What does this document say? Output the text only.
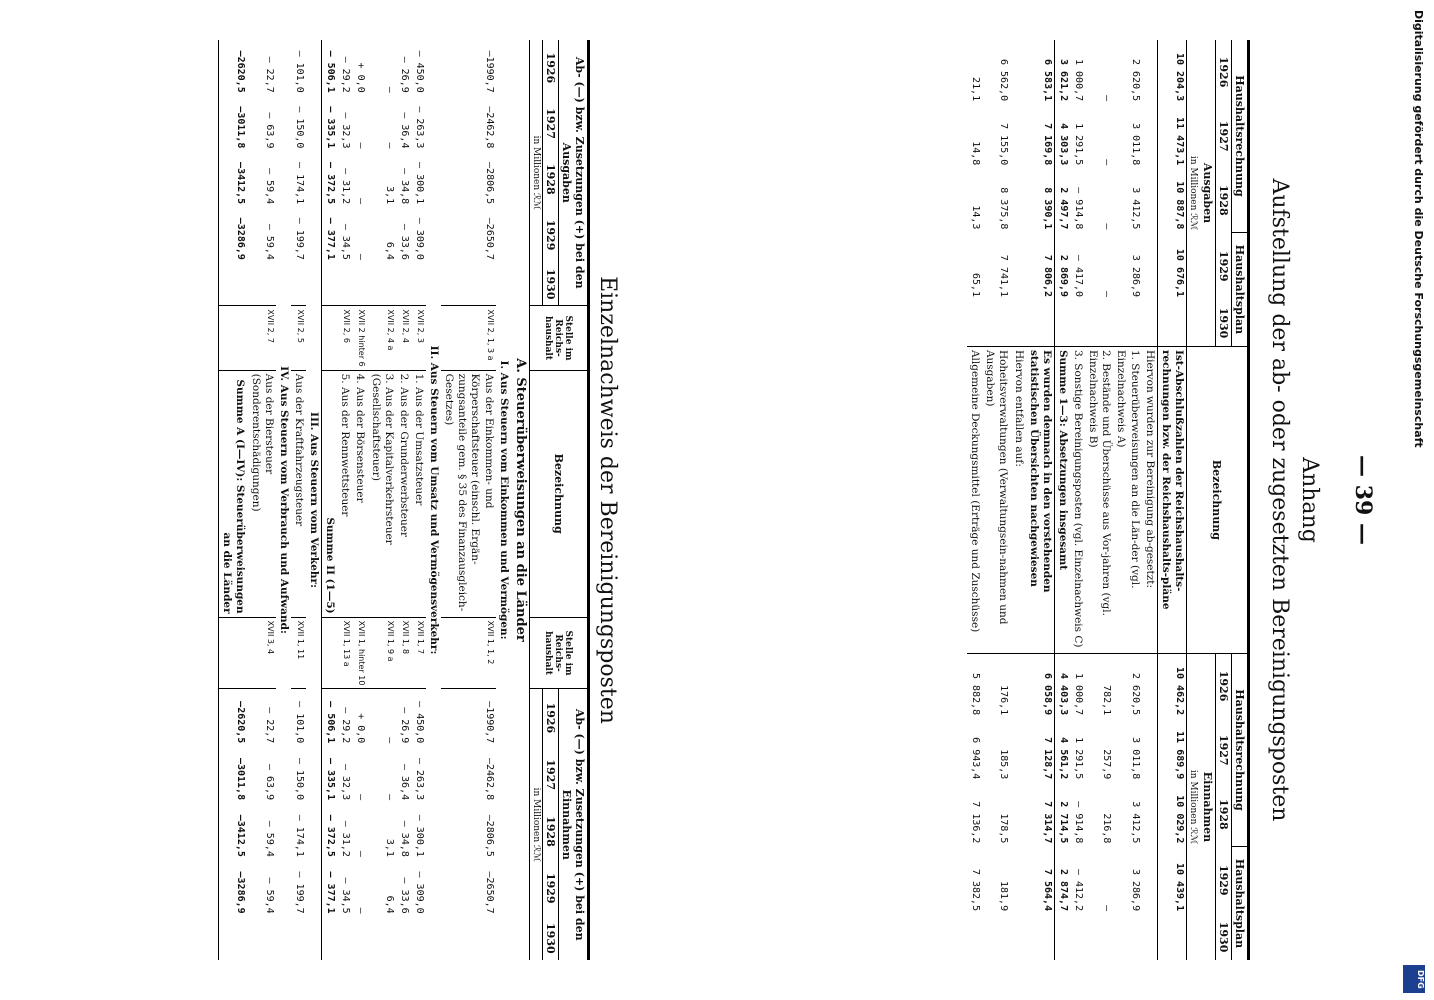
— 39 —
Anhang
Aufstellung der ab- oder zugesetzten Bereinigungsposten
Haushaltsrechnung			Haushaltsplan		Bezeichnung	Haushaltsrechnung			Haushaltsplan	
1926	1927	1928	1929	1930		1926	1927	1928	1929	1930
Ausgaben
in Millionen ℛℳ						Einnahmen
in Millionen ℛℳ				
10 204,3	11 473,1	10 887,8	10 676,1		Ist-Abschlußzahlen der Reichshaushalts-rechnungen bzw. der Reichshaushalts-pläne	10 462,2	11 689,9	10 029,2	10 439,1	
					Hiervon wurden zur Bereinigung ab-gesetzt:					
2 620,5	3 011,8	3 412,5	3 286,9		1. Steuerüberweisungen an die Län-der (vgl. Einzelnachweis A)	2 620,5	3 011,8	3 412,5	3 286,9	
—	—	—	—		2. Bestände und Überschüsse aus Vor-jahren (vgl. Einzelnachweis B)	782,1	257,9	216,8	—	
1 000,7	1 291,5	— 914,8	— 417,0		3. Sonstige Bereinigungsposten (vgl. Einzelnachweis C)	1 000,7	1 291,5	— 914,8	— 412,2	
3 621,2	4 303,3	2 497,7	2 869,9		Summe 1—3: Absetzungen insgesamt	4 403,3	4 561,2	2 714,5	2 874,7	
6 583,1	7 169,8	8 390,1	7 806,2		Es wurden demnach in den vorstehenden statistischen Übersichten nachgewiesen	6 058,9	7 128,7	7 314,7	7 564,4	
					Hiervon entfallen auf:					
6 562,0	7 155,0	8 375,8	7 741,1		Hoheitsverwaltungen (Verwaltungsein-nahmen und Ausgaben)	176,1	185,3	178,5	181,9	
21,1	14,8	14,3	65,1		Allgemeine Deckungsmittel (Erträge und Zuschüsse)	5 882,8	6 943,4	7 136,2	7 382,5	
Einzelnachweis der Bereinigungsposten
Ab- (—) bzw. Zusetzungen (+) bei den Ausgaben					Stelle im Reichs-haushalt	Bezeichnung	Stelle im Reichs-haushalt	Ab- (—) bzw. Zusetzungen (+) bei den Einnahmen				
1926	1927	1928	1929	1930				1926	1927	1928	1929	1930
in Millionen ℛℳ								in Millionen ℛℳ				
A. Steuerüberweisungen an die Länder												
I. Aus Steuern vom Einkommen und Vermögen:												
—1990,7	—2462,8	—2806,5	—2650,7		XVII 2, 1, 3 a	Aus der Einkommen- und Körperschaftsteuer (einschl. Ergän-zungsanteile gem. § 35 des Finanzausgleich-Gesetzes)	XVII 1, 1, 2	—1990,7	—2462,8	—2806,5	—2650,7	
II. Aus Steuern vom Umsatz und Vermögensverkehr:												
— 450,0	— 263,3	— 300,1	— 309,0		XVII 2, 3	1. Aus der Umsatzsteuer	XVII 1, 7	— 450,0	— 263,3	— 300,1	— 309,0	
— 26,9	— 36,4	— 34,8	— 33,6		XVII 2, 4	2. Aus der Grunderwerbsteuer	XVII 1, 8	— 26,9	— 36,4	— 34,8	— 33,6	
—	—	3,1	6,4		XVII 2, 4 a	3. Aus der Kapitalverkehrsteuer (Gesellschaftsteuer)	XVII 1, 9 a	—	—	3,1	6,4	
+ 0,0	—	—	—		XVII 2 hinter 6	4. Aus der Börsensteuer	XVII 1, hinter 10	+ 0,0	—	—	—	
— 29,2	— 32,3	— 31,2	— 34,5		XVII 2, 6	5. Aus der Rennwettsteuer	XVII 1, 13 a	— 29,2	— 32,3	— 31,2	— 34,5	
— 506,1	— 335,1	— 372,5	— 377,1			Summe II (1—5)		— 506,1	— 335,1	— 372,5	— 377,1	
III. Aus Steuern vom Verkehr:												
— 101,0	— 150,0	— 174,1	— 199,7		XVII 2, 5	Aus der Kraftfahrzeugsteuer	XVII 1, 11	— 101,0	— 150,0	— 174,1	— 199,7	
IV. Aus Steuern vom Verbrauch und Aufwand:												
— 22,7	— 63,9	— 59,4	— 59,4		XVII 2, 7	Aus der Biersteuer (Sonderentschädigungen)	XVII 3, 4	— 22,7	— 63,9	— 59,4	— 59,4	
—2620,5	—3011,8	—3412,5	—3286,9			Summe A (I—IV): Steuerüberweisungen an die Länder		—2620,5	—3011,8	—3412,5	—3286,9	
Digitalisierung gefördert durch die Deutsche Forschungsgemeinschaft
DFG
